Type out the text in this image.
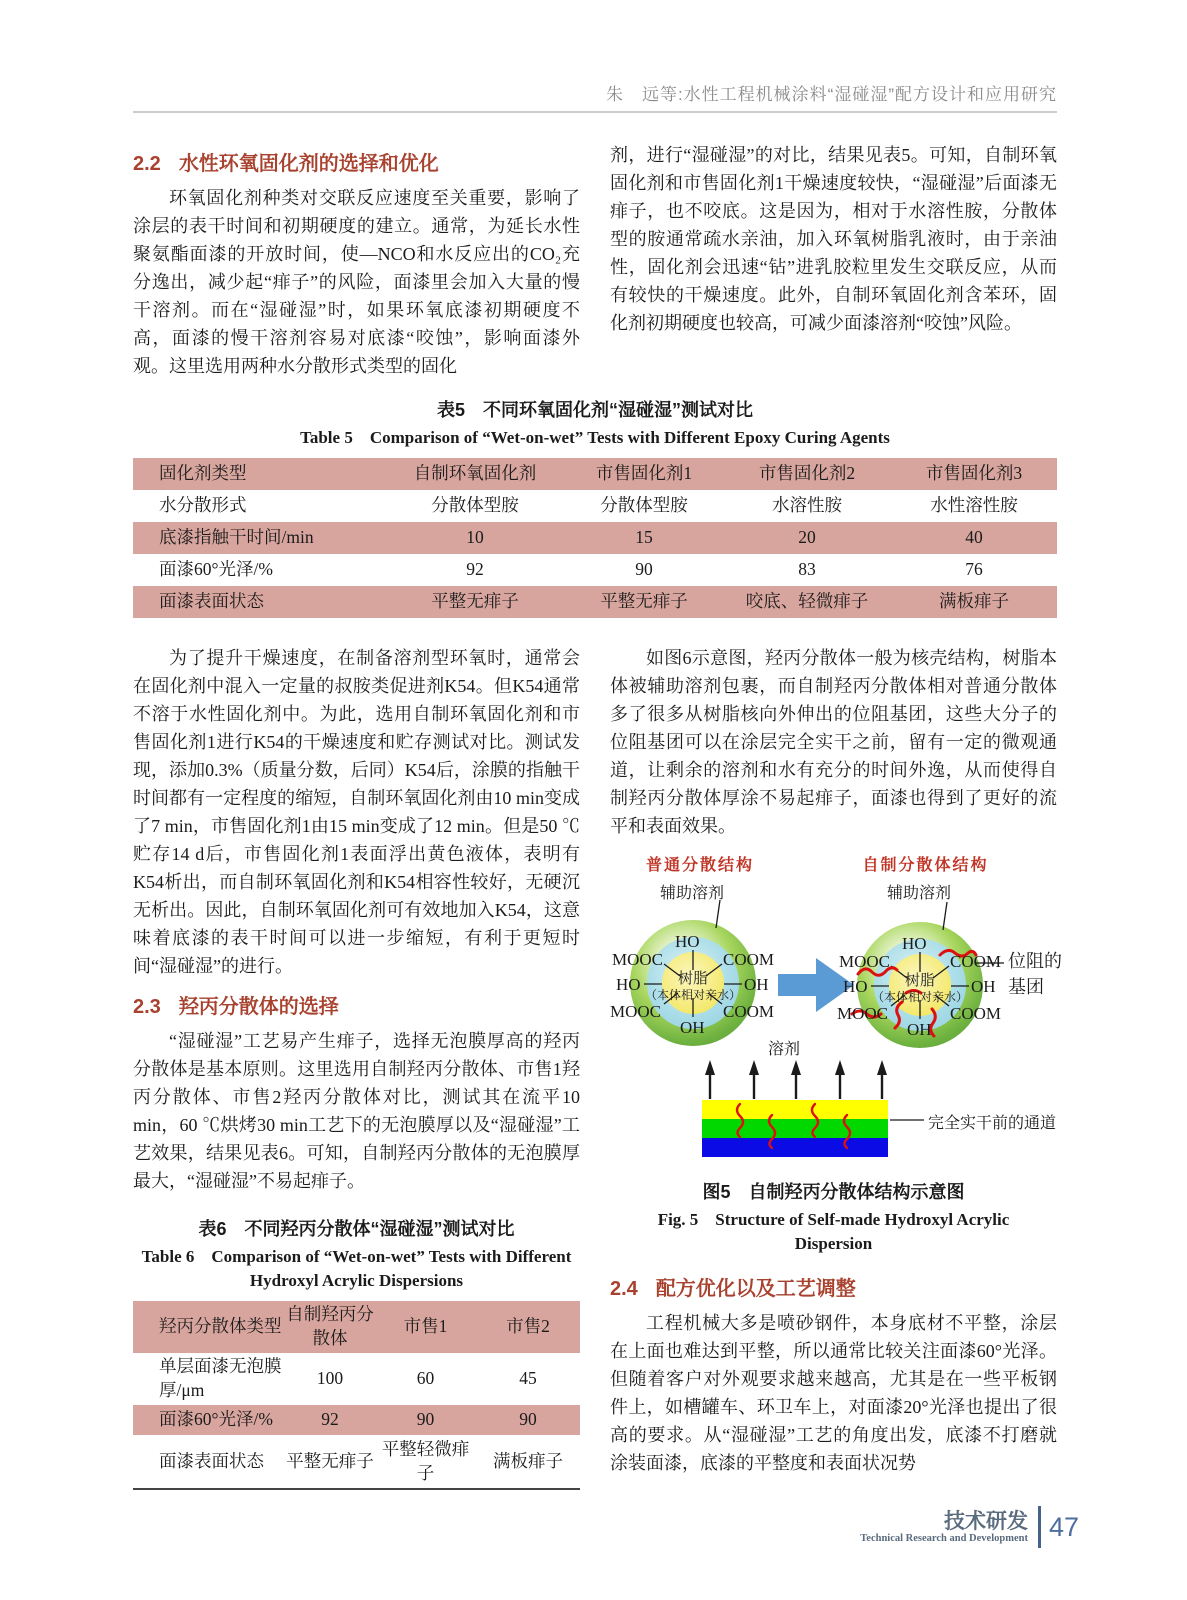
朱　远等:水性工程机械涂料“湿碰湿”配方设计和应用研究
2.2 水性环氧固化剂的选择和优化

环氧固化剂种类对交联反应速度至关重要，影响了涂层的表干时间和初期硬度的建立。通常，为延长水性聚氨酯面漆的开放时间，使—NCO和水反应出的CO₂充分逸出，减少起“痱子”的风险，面漆里会加入大量的慢干溶剂。而在“湿碰湿”时，如果环氧底漆初期硬度不高，面漆的慢干溶剂容易对底漆“咬蚀”，影响面漆外观。这里选用两种水分散形式类型的固化

剂，进行“湿碰湿”的对比，结果见表5。可知，自制环氧固化剂和市售固化剂1干燥速度较快，“湿碰湿”后面漆无痱子，也不咬底。这是因为，相对于水溶性胺，分散体型的胺通常疏水亲油，加入环氧树脂乳液时，由于亲油性，固化剂会迅速“钻”进乳胶粒里发生交联反应，从而有较快的干燥速度。此外，自制环氧固化剂含苯环，固化剂初期硬度也较高，可减少面漆溶剂“咬蚀”风险。

表5　不同环氧固化剂“湿碰湿”测试对比
Table 5　Comparison of “Wet-on-wet” Tests with Different Epoxy Curing Agents
固化剂类型	自制环氧固化剂	市售固化剂1	市售固化剂2	市售固化剂3
水分散形式	分散体型胺	分散体型胺	水溶性胺	水性溶性胺
底漆指触干时间/min	10	15	20	40
面漆60°光泽/%	92	90	83	76
面漆表面状态	平整无痱子	平整无痱子	咬底、轻微痱子	满板痱子

为了提升干燥速度，在制备溶剂型环氧时，通常会在固化剂中混入一定量的叔胺类促进剂K54。但K54通常不溶于水性固化剂中。为此，选用自制环氧固化剂和市售固化剂1进行K54的干燥速度和贮存测试对比。测试发现，添加0.3%（质量分数，后同）K54后，涂膜的指触干时间都有一定程度的缩短，自制环氧固化剂由10 min变成了7 min，市售固化剂1由15 min变成了12 min。但是50 ℃贮存14 d后，市售固化剂1表面浮出黄色液体，表明有K54析出，而自制环氧固化剂和K54相容性较好，无硬沉无析出。因此，自制环氧固化剂可有效地加入K54，这意味着底漆的表干时间可以进一步缩短，有利于更短时间“湿碰湿”的进行。

2.3 羟丙分散体的选择

“湿碰湿”工艺易产生痱子，选择无泡膜厚高的羟丙分散体是基本原则。这里选用自制羟丙分散体、市售1羟丙分散体、市售2羟丙分散体对比，测试其在流平10 min，60 ℃烘烤30 min工艺下的无泡膜厚以及“湿碰湿”工艺效果，结果见表6。可知，自制羟丙分散体的无泡膜厚最大，“湿碰湿”不易起痱子。

表6　不同羟丙分散体“湿碰湿”测试对比
Table 6　Comparison of “Wet-on-wet” Tests with Different
Hydroxyl Acrylic Dispersions
羟丙分散体类型	自制羟丙分散体	市售1	市售2
单层面漆无泡膜厚/μm	100	60	45
面漆60°光泽/%	92	90	90
面漆表面状态	平整无痱子	平整轻微痱子	满板痱子

如图6示意图，羟丙分散体一般为核壳结构，树脂本体被辅助溶剂包裹，而自制羟丙分散体相对普通分散体多了很多从树脂核向外伸出的位阻基团，这些大分子的位阻基团可以在涂层完全实干之前，留有一定的微观通道，让剩余的溶剂和水有充分的时间外逸，从而使得自制羟丙分散体厚涂不易起痱子，面漆也得到了更好的流平和表面效果。

普通分散结构	自制分散体结构
辅助溶剂	辅助溶剂
HO
MOOC	COOM
HO	OH
MOOC	COOM
OH
树脂
（本体相对亲水）
HO
MOOC	COOM
HO	OH
MOOC	COOM
OH
树脂
（本体相对亲水）
位阻的
基团
溶剂
完全实干前的通道
图5　自制羟丙分散体结构示意图
Fig. 5　Structure of Self-made Hydroxyl Acrylic
Dispersion
2.4 配方优化以及工艺调整

工程机械大多是喷砂钢件，本身底材不平整，涂层在上面也难达到平整，所以通常比较关注面漆60°光泽。但随着客户对外观要求越来越高，尤其是在一些平板钢件上，如槽罐车、环卫车上，对面漆20°光泽也提出了很高的要求。从“湿碰湿”工艺的角度出发，底漆不打磨就涂装面漆，底漆的平整度和表面状况势

技术研发
Technical Research and Development 47
